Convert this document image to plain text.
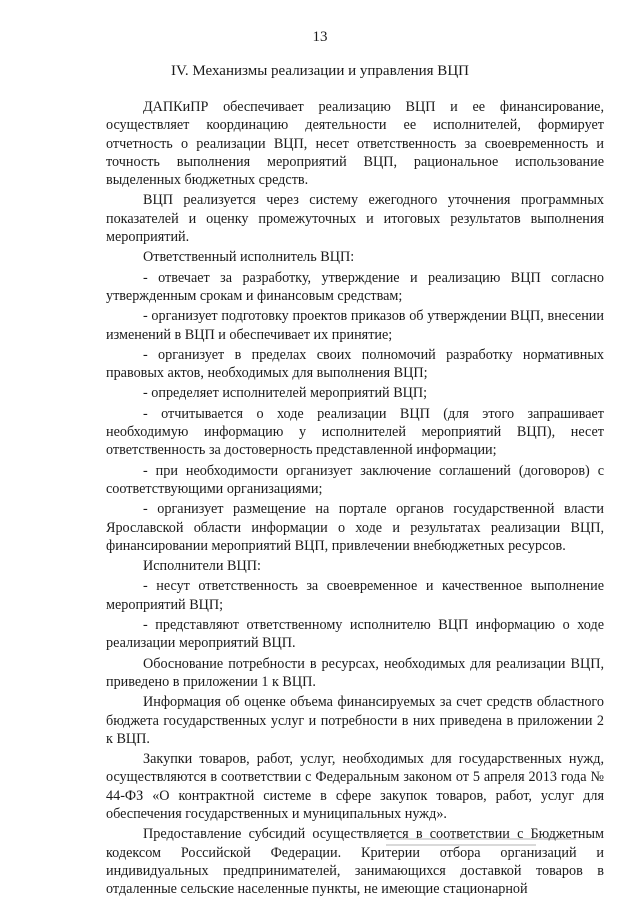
13
IV. Механизмы реализации и управления ВЦП

ДАПКиПР обеспечивает реализацию ВЦП и ее финансирование, осуществляет координацию деятельности ее исполнителей, формирует отчетность о реализации ВЦП, несет ответственность за своевременность и точность выполнения мероприятий ВЦП, рациональное использование выделенных бюджетных средств.

ВЦП реализуется через систему ежегодного уточнения программных показателей и оценку промежуточных и итоговых результатов выполнения мероприятий.

Ответственный исполнитель ВЦП:

- отвечает за разработку, утверждение и реализацию ВЦП согласно утвержденным срокам и финансовым средствам;

- организует подготовку проектов приказов об утверждении ВЦП, внесении изменений в ВЦП и обеспечивает их принятие;

- организует в пределах своих полномочий разработку нормативных правовых актов, необходимых для выполнения ВЦП;

- определяет исполнителей мероприятий ВЦП;

- отчитывается о ходе реализации ВЦП (для этого запрашивает необходимую информацию у исполнителей мероприятий ВЦП), несет ответственность за достоверность представленной информации;

- при необходимости организует заключение соглашений (договоров) с соответствующими организациями;

- организует размещение на портале органов государственной власти Ярославской области информации о ходе и результатах реализации ВЦП, финансировании мероприятий ВЦП, привлечении внебюджетных ресурсов.

Исполнители ВЦП:

- несут ответственность за своевременное и качественное выполнение мероприятий ВЦП;

- представляют ответственному исполнителю ВЦП информацию о ходе реализации мероприятий ВЦП.

Обоснование потребности в ресурсах, необходимых для реализации ВЦП, приведено в приложении 1 к ВЦП.

Информация об оценке объема финансируемых за счет средств областного бюджета государственных услуг и потребности в них приведена в приложении 2 к ВЦП.

Закупки товаров, работ, услуг, необходимых для государственных нужд, осуществляются в соответствии с Федеральным законом от 5 апреля 2013 года № 44-ФЗ «О контрактной системе в сфере закупок товаров, работ, услуг для обеспечения государственных и муниципальных нужд».

Предоставление субсидий осуществляется в соответствии с Бюджетным кодексом Российской Федерации. Критерии отбора организаций и индивидуальных предпринимателей, занимающихся доставкой товаров в отдаленные сельские населенные пункты, не имеющие стационарной
